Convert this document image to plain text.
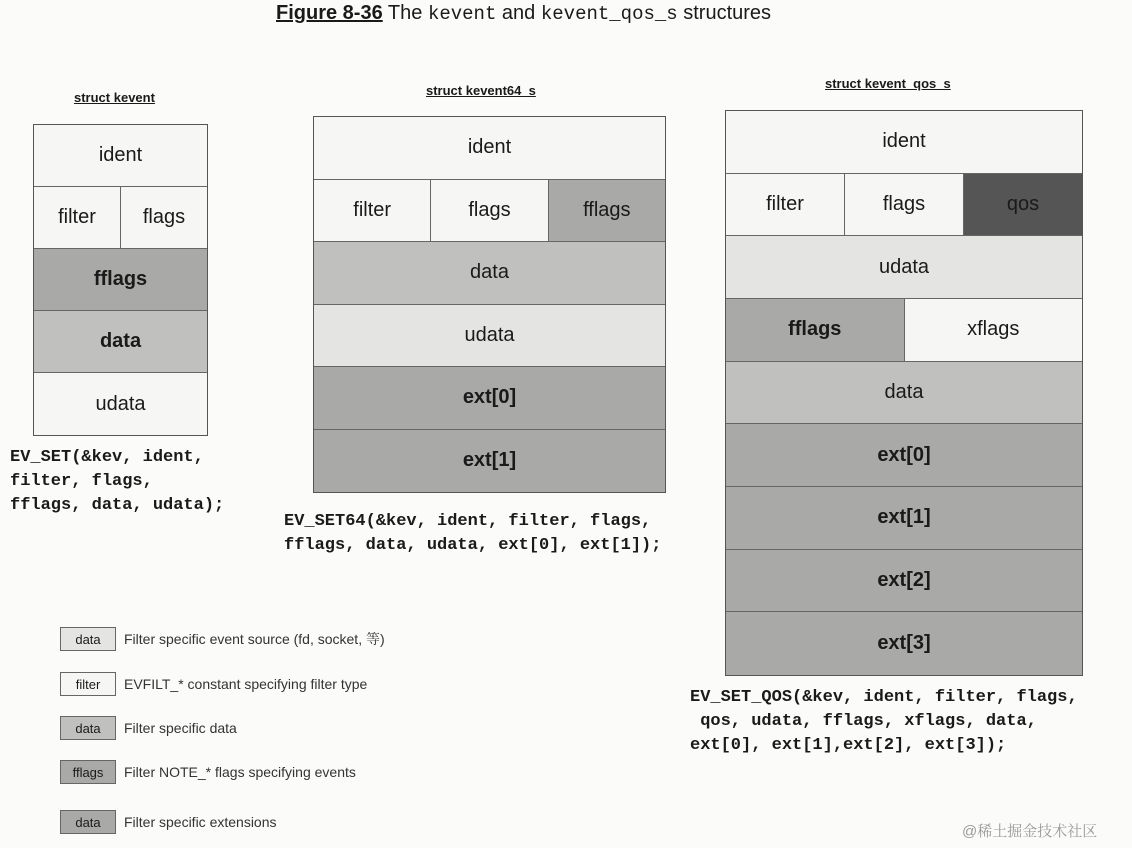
Figure 8-36 The kevent and kevent_qos_s structures
struct kevent
ident
filter	flags
fflags
data
udata
EV_SET(&kev, ident,
filter, flags,
fflags, data, udata);
struct kevent64_s
ident
filter	flags	fflags
data
udata
ext[0]
ext[1]
EV_SET64(&kev, ident, filter, flags,
fflags, data, udata, ext[0], ext[1]);
struct kevent_qos_s
ident
filter	flags	qos
udata
fflags	xflags
data
ext[0]
ext[1]
ext[2]
ext[3]
EV_SET_QOS(&kev, ident, filter, flags,
qos, udata, fflags, xflags, data,
ext[0], ext[1],ext[2], ext[3]);
data	Filter specific event source (fd, socket, 等)
filter	EVFILT_* constant specifying filter type
data	Filter specific data
fflags	Filter NOTE_* flags specifying events
data	Filter specific extensions
@稀土掘金技术社区
